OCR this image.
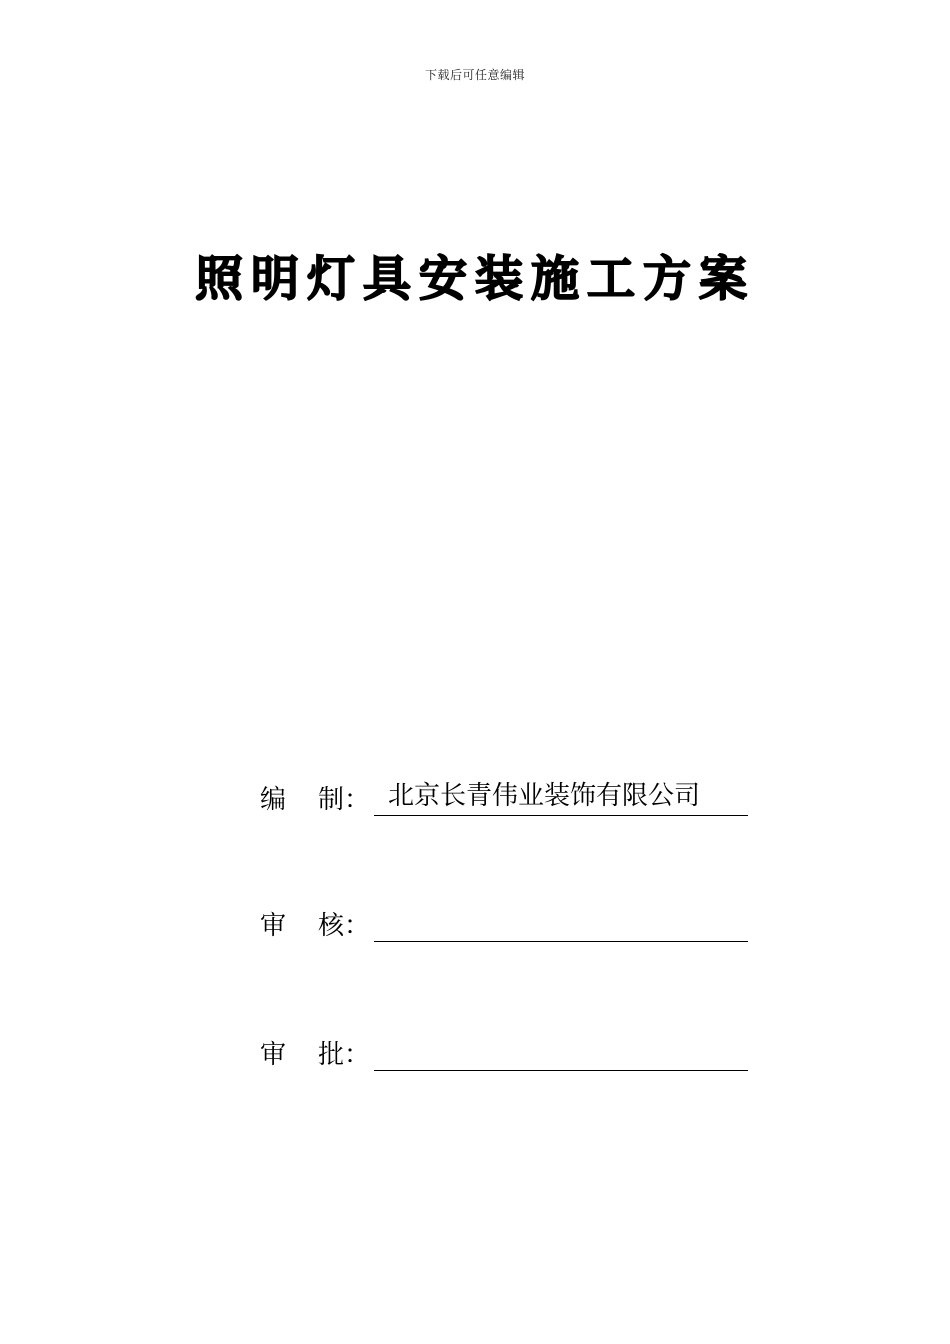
下载后可任意编辑
照明灯具安装施工方案
编	制 ： 北京长青伟业装饰有限公司
审	核 ：
审	批 ：
